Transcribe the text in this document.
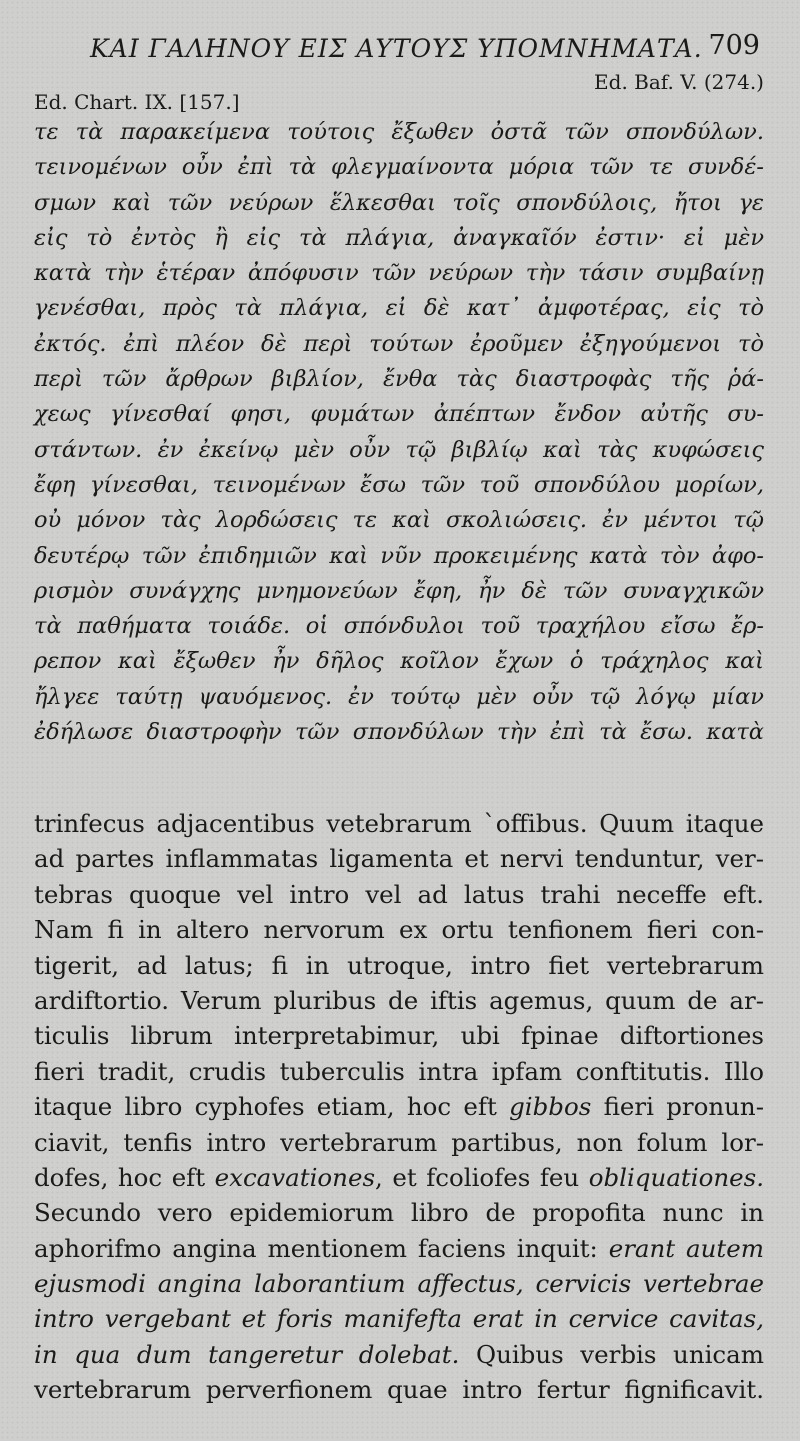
ΚΑΙ ΓΑΛΗΝΟΥ ΕΙΣ ΑΥΤΟΥΣ ΥΠΟΜΝΗΜΑΤΑ. 709
Ed. Baf. V. (274.)
Ed. Chart. IX. [157.]
τε τὰ παρακείμενα τούτοις ἔξωθεν ὀστᾶ τῶν σπονδύλων.
τεινομένων οὖν ἐπὶ τὰ φλεγμαίνοντα μόρια τῶν τε συνδέ-
σμων καὶ τῶν νεύρων ἕλκεσθαι τοῖς σπονδύλοις, ἤτοι γε
εἰς τὸ ἐντὸς ἢ εἰς τὰ πλάγια, ἀναγκαῖόν ἐστιν· εἰ μὲν
κατὰ τὴν ἑτέραν ἀπόφυσιν τῶν νεύρων τὴν τάσιν συμβαίνῃ
γενέσθαι, πρὸς τὰ πλάγια, εἰ δὲ κατ᾽ ἀμφοτέρας, εἰς τὸ
ἐκτός. ἐπὶ πλέον δὲ περὶ τούτων ἐροῦμεν ἐξηγούμενοι τὸ
περὶ τῶν ἄρθρων βιβλίον, ἔνθα τὰς διαστροφὰς τῆς ῥά-
χεως γίνεσθαί φησι, φυμάτων ἀπέπτων ἔνδον αὐτῆς συ-
στάντων. ἐν ἐκείνῳ μὲν οὖν τῷ βιβλίῳ καὶ τὰς κυφώσεις
ἔφη γίνεσθαι, τεινομένων ἔσω τῶν τοῦ σπονδύλου μορίων,
οὐ μόνον τὰς λορδώσεις τε καὶ σκολιώσεις. ἐν μέντοι τῷ
δευτέρῳ τῶν ἐπιδημιῶν καὶ νῦν προκειμένης κατὰ τὸν ἀφο-
ρισμὸν συνάγχης μνημονεύων ἔφη, ἦν δὲ τῶν συναγχικῶν
τὰ παθήματα τοιάδε. οἱ σπόνδυλοι τοῦ τραχήλου εἴσω ἔρ-
ρεπον καὶ ἔξωθεν ἦν δῆλος κοῖλον ἔχων ὁ τράχηλος καὶ
ἤλγεε ταύτῃ ψαυόμενος. ἐν τούτῳ μὲν οὖν τῷ λόγῳ μίαν
ἐδήλωσε διαστροφὴν τῶν σπονδύλων τὴν ἐπὶ τὰ ἔσω. κατὰ
trinfecus adjacentibus vetebrarum `offibus. Quum itaque
ad partes inflammatas ligamenta et nervi tenduntur, ver-
tebras quoque vel intro vel ad latus trahi neceffe eft.
Nam fi in altero nervorum ex ortu tenfionem fieri con-
tigerit, ad latus; fi in utroque, intro fiet vertebrarum
ardiftortio. Verum pluribus de iftis agemus, quum de ar-
ticulis librum interpretabimur, ubi fpinae diftortiones
fieri tradit, crudis tuberculis intra ipfam conftitutis. Illo
itaque libro cyphofes etiam, hoc eft gibbos fieri pronun-
ciavit, tenfis intro vertebrarum partibus, non folum lor-
dofes, hoc eft excavationes, et fcoliofes feu obliquationes.
Secundo vero epidemiorum libro de propofita nunc in
aphorifmo angina mentionem faciens inquit: erant autem
ejusmodi angina laborantium affectus, cervicis vertebrae
intro vergebant et foris manifefta erat in cervice cavitas,
in qua dum tangeretur dolebat. Quibus verbis unicam
vertebrarum perverfionem quae intro fertur fignificavit.
